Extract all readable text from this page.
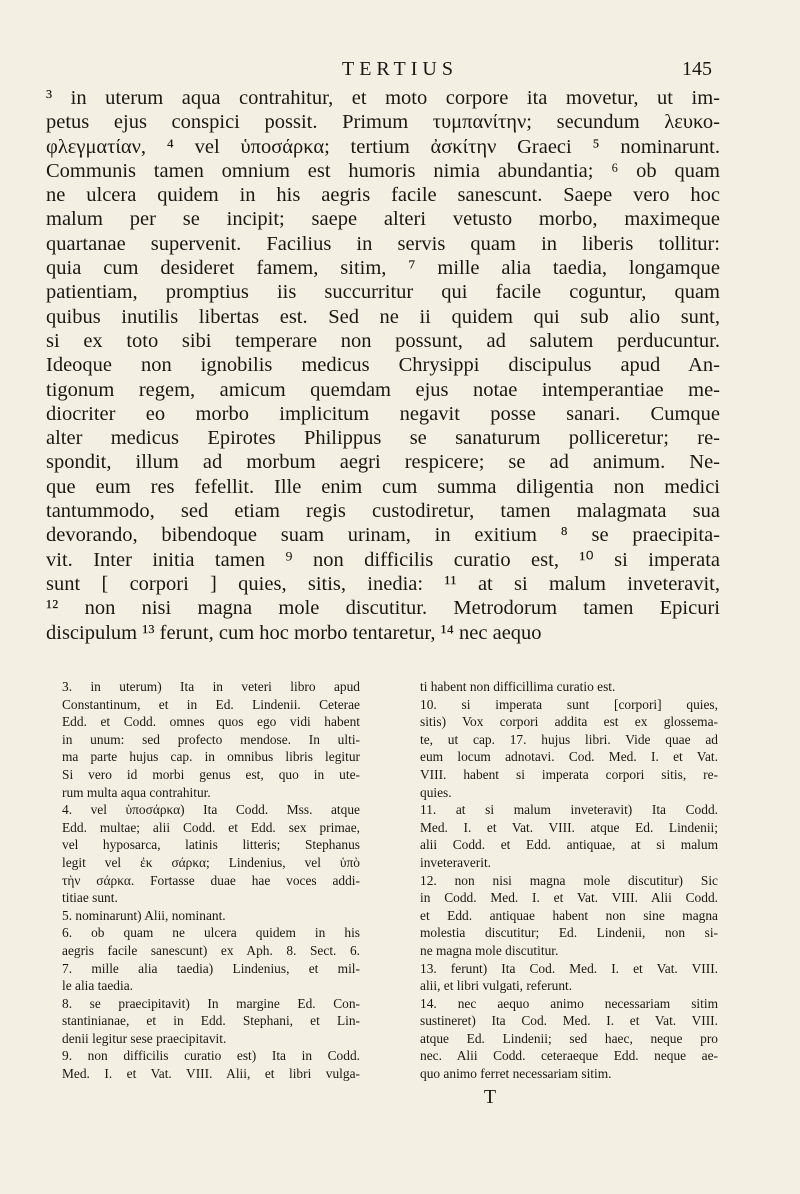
TERTIUS	145
³ in uterum aqua contrahitur, et moto corpore ita movetur, ut im-
petus ejus conspici possit. Primum τυμπανίτην; secundum λευκο-
φλεγματίαν, ⁴ vel ὑποσάρκα; tertium ἀσκίτην Graeci ⁵ nominarunt.
Communis tamen omnium est humoris nimia abundantia; ⁶ ob quam
ne ulcera quidem in his aegris facile sanescunt. Saepe vero hoc
malum per se incipit; saepe alteri vetusto morbo, maximeque
quartanae supervenit. Facilius in servis quam in liberis tollitur:
quia cum desideret famem, sitim, ⁷ mille alia taedia, longamque
patientiam, promptius iis succurritur qui facile coguntur, quam
quibus inutilis libertas est. Sed ne ii quidem qui sub alio sunt,
si ex toto sibi temperare non possunt, ad salutem perducuntur.
Ideoque non ignobilis medicus Chrysippi discipulus apud An-
tigonum regem, amicum quemdam ejus notae intemperantiae me-
diocriter eo morbo implicitum negavit posse sanari. Cumque
alter medicus Epirotes Philippus se sanaturum polliceretur; re-
spondit, illum ad morbum aegri respicere; se ad animum. Ne-
que eum res fefellit. Ille enim cum summa diligentia non medici
tantummodo, sed etiam regis custodiretur, tamen malagmata sua
devorando, bibendoque suam urinam, in exitium ⁸ se praecipita-
vit. Inter initia tamen ⁹ non difficilis curatio est, ¹⁰ si imperata
sunt [ corpori ] quies, sitis, inedia: ¹¹ at si malum inveteravit,
¹² non nisi magna mole discutitur. Metrodorum tamen Epicuri
discipulum ¹³ ferunt, cum hoc morbo tentaretur, ¹⁴ nec aequo
3. in uterum) Ita in veteri libro apud
Constantinum, et in Ed. Lindenii. Ceterae
Edd. et Codd. omnes quos ego vidi habent
in unum: sed profecto mendose. In ulti-
ma parte hujus cap. in omnibus libris legitur
Si vero id morbi genus est, quo in ute-
rum multa aqua contrahitur.
4. vel ὑποσάρκα) Ita Codd. Mss. atque
Edd. multae; alii Codd. et Edd. sex primae,
vel hyposarca, latinis litteris; Stephanus
legit vel ἐκ σάρκα; Lindenius, vel ὑπὸ
τὴν σάρκα. Fortasse duae hae voces addi-
titiae sunt.
5. nominarunt) Alii, nominant.
6. ob quam ne ulcera quidem in his
aegris facile sanescunt) ex Aph. 8. Sect. 6.
7. mille alia taedia) Lindenius, et mil-
le alia taedia.
8. se praecipitavit) In margine Ed. Con-
stantinianae, et in Edd. Stephani, et Lin-
denii legitur sese praecipitavit.
9. non difficilis curatio est) Ita in Codd.
Med. I. et Vat. VIII. Alii, et libri vulga-
ti habent non difficillima curatio est.
10. si imperata sunt [corpori] quies,
sitis) Vox corpori addita est ex glossema-
te, ut cap. 17. hujus libri. Vide quae ad
eum locum adnotavi. Cod. Med. I. et Vat.
VIII. habent si imperata corpori sitis, re-
quies.
11. at si malum inveteravit) Ita Codd.
Med. I. et Vat. VIII. atque Ed. Lindenii;
alii Codd. et Edd. antiquae, at si malum
inveteraverit.
12. non nisi magna mole discutitur) Sic
in Codd. Med. I. et Vat. VIII. Alii Codd.
et Edd. antiquae habent non sine magna
molestia discutitur; Ed. Lindenii, non si-
ne magna mole discutitur.
13. ferunt) Ita Cod. Med. I. et Vat. VIII.
alii, et libri vulgati, referunt.
14. nec aequo animo necessariam sitim
sustineret) Ita Cod. Med. I. et Vat. VIII.
atque Ed. Lindenii; sed haec, neque pro
nec. Alii Codd. ceteraeque Edd. neque ae-
quo animo ferret necessariam sitim.
T
